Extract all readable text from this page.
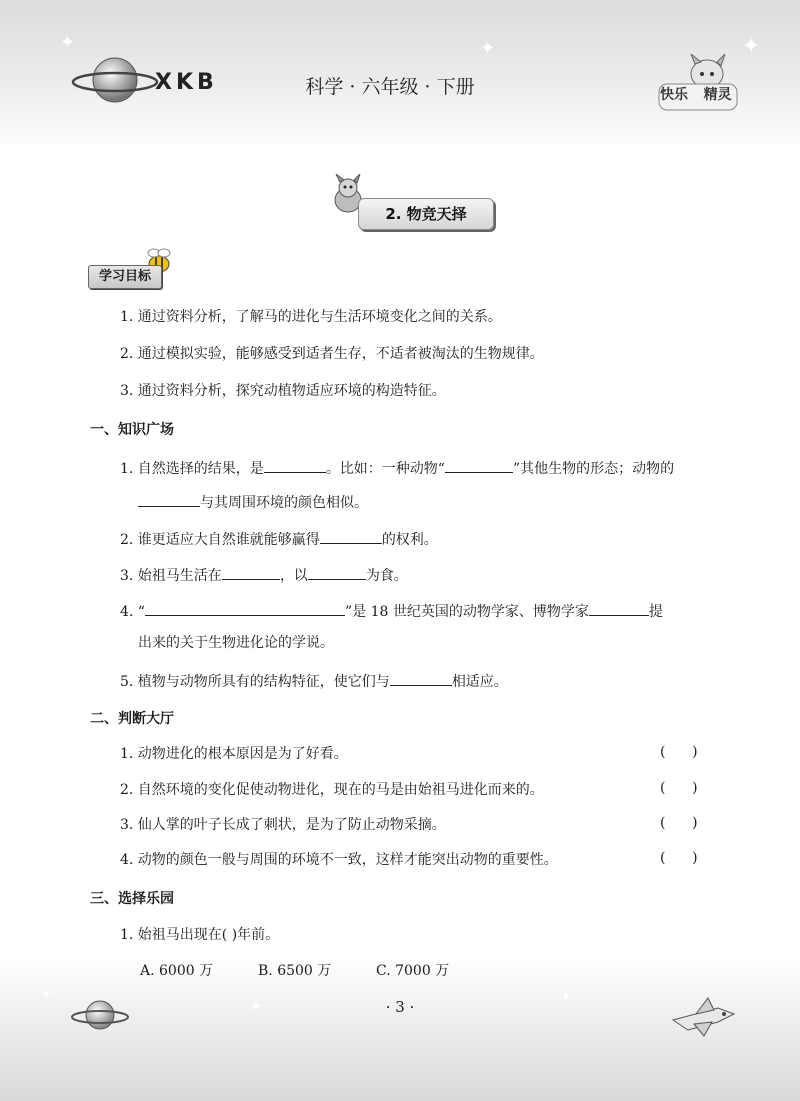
✦	✦	✦
✦
✦
✦
XKB	科学 · 六年级 · 下册	快乐 精灵
2. 物竞天择
学习目标
1. 通过资料分析，了解马的进化与生活环境变化之间的关系。
2. 通过模拟实验，能够感受到适者生存，不适者被淘汰的生物规律。
3. 通过资料分析，探究动植物适应环境的构造特征。
一、知识广场
1. 自然选择的结果，是	。比如：一种动物“	”其他生物的形态；动物的
与其周围环境的颜色相似。
2. 谁更适应大自然谁就能够赢得	的权利。
3. 始祖马生活在	，以	为食。
4. “	”是 18 世纪英国的动物学家、博物学家	提
出来的关于生物进化论的学说。
5. 植物与动物所具有的结构特征，使它们与	相适应。
二、判断大厅
1. 动物进化的根本原因是为了好看。	(      )
2. 自然环境的变化促使动物进化，现在的马是由始祖马进化而来的。	(      )
3. 仙人掌的叶子长成了刺状，是为了防止动物采摘。	(      )
4. 动物的颜色一般与周围的环境不一致，这样才能突出动物的重要性。	(      )
三、选择乐园
1. 始祖马出现在( )年前。
A. 6000 万	B. 6500 万	C. 7000 万
· 3 ·
